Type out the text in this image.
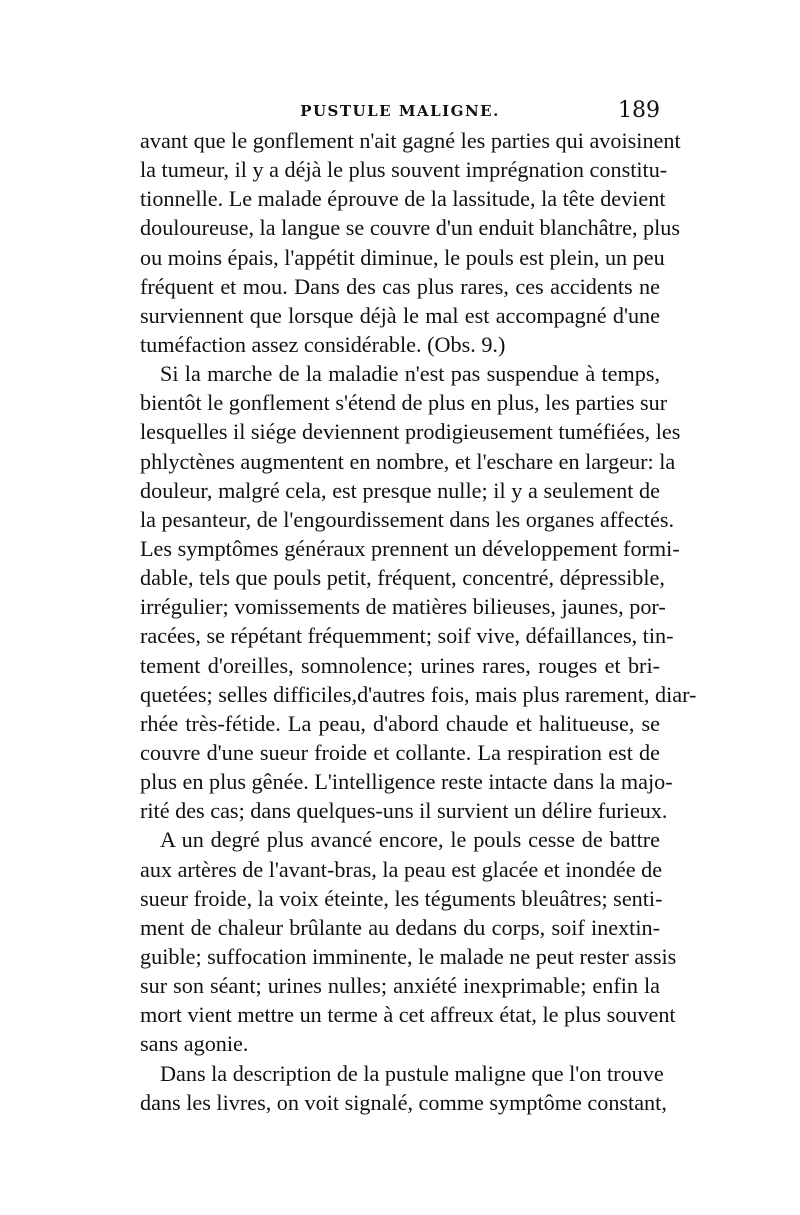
PUSTULE MALIGNE.	189
avant que le gonflement n'ait gagné les parties qui avoisinent
la tumeur, il y a déjà le plus souvent imprégnation constitu-
tionnelle. Le malade éprouve de la lassitude, la tête devient
douloureuse, la langue se couvre d'un enduit blanchâtre, plus
ou moins épais, l'appétit diminue, le pouls est plein, un peu
fréquent et mou. Dans des cas plus rares, ces accidents ne
surviennent que lorsque déjà le mal est accompagné d'une
tuméfaction assez considérable. (Obs. 9.)
Si la marche de la maladie n'est pas suspendue à temps,
bientôt le gonflement s'étend de plus en plus, les parties sur
lesquelles il siége deviennent prodigieusement tuméfiées, les
phlyctènes augmentent en nombre, et l'eschare en largeur: la
douleur, malgré cela, est presque nulle; il y a seulement de
la pesanteur, de l'engourdissement dans les organes affectés.
Les symptômes généraux prennent un développement formi-
dable, tels que pouls petit, fréquent, concentré, dépressible,
irrégulier; vomissements de matières bilieuses, jaunes, por-
racées, se répétant fréquemment; soif vive, défaillances, tin-
tement d'oreilles, somnolence; urines rares, rouges et bri-
quetées; selles difficiles,d'autres fois, mais plus rarement, diar-
rhée très-fétide. La peau, d'abord chaude et halitueuse, se
couvre d'une sueur froide et collante. La respiration est de
plus en plus gênée. L'intelligence reste intacte dans la majo-
rité des cas; dans quelques-uns il survient un délire furieux.
A un degré plus avancé encore, le pouls cesse de battre
aux artères de l'avant-bras, la peau est glacée et inondée de
sueur froide, la voix éteinte, les téguments bleuâtres; senti-
ment de chaleur brûlante au dedans du corps, soif inextin-
guible; suffocation imminente, le malade ne peut rester assis
sur son séant; urines nulles; anxiété inexprimable; enfin la
mort vient mettre un terme à cet affreux état, le plus souvent
sans agonie.
Dans la description de la pustule maligne que l'on trouve
dans les livres, on voit signalé, comme symptôme constant,
